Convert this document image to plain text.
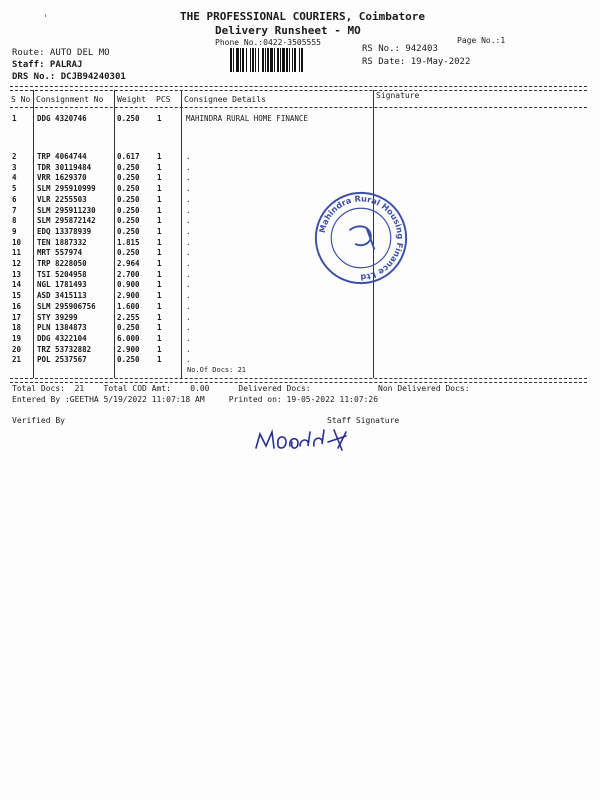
'	THE PROFESSIONAL COURIERS, Coimbatore
Delivery Runsheet - MO
Phone No.:0422-3505555	Page No.:1
Route: AUTO DEL MO
Staff: PALRAJ
DRS No.: DCJB94240301
RS No.: 942403
RS Date: 19-May-2022
S No Consignment No Weight PCS Consignee Details	Signature
1	DDG 4320746	0.250 1	MAHINDRA RURAL HOME FINANCE
2	TRP 4064744	0.617 1	.
3	TDR 30119484	0.250 1	.
4	VRR 1629370	0.250 1	.
5	SLM 295910999	0.250 1	.
6	VLR 2255503	0.250 1	.
7	SLM 295911230	0.250 1	.
8	SLM 295872142	0.250 1	.
9	EDQ 13378939	0.250 1	.
10 TEN 1887332	1.815 1	.
11 MRT 557974	0.250 1	.
12 TRP 8228050	2.964 1	.
13 TSI 5204958	2.700 1	.
14 NGL 1781493	0.900 1	.
15 ASD 3415113	2.900 1	.
16 SLM 295906756	1.600 1	.
17 STY 39299	2.255 1	.
18 PLN 1384873	0.250 1	.
19 DDG 4322104	6.000 1	.
20 TRZ 53732882	2.900 1	.
21 POL 2537567	0.250 1	.
No.Of Docs: 21
Mahindra Rural Housing Finance Ltd
Total Docs:  21    Total COD Amt:    0.00      Delivered Docs:              Non Delivered Docs:
Entered By :GEETHA 5/19/2022 11:07:18 AM     Printed on: 19-05-2022 11:07:26
Verified By	Staff Signature
